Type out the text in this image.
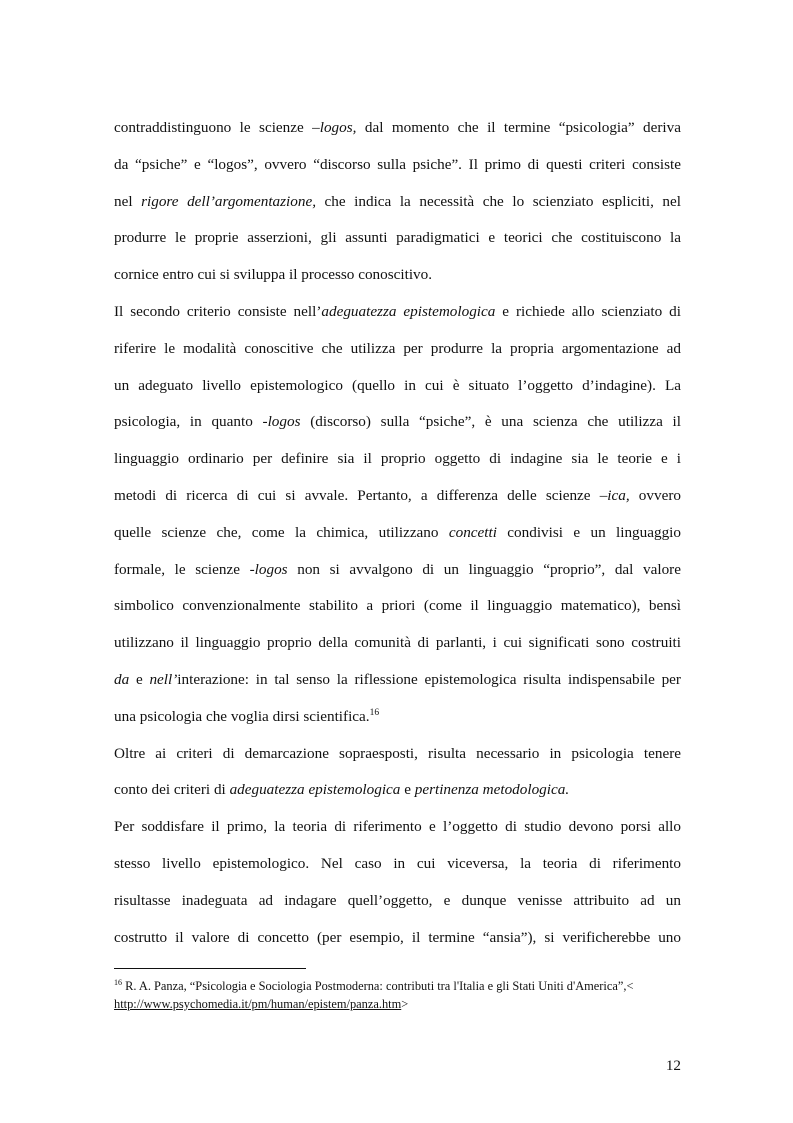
contraddistinguono le scienze –logos, dal momento che il termine “psicologia” deriva
da “psiche” e “logos”, ovvero “discorso sulla psiche”. Il primo di questi criteri consiste
nel rigore dell’argomentazione, che indica la necessità che lo scienziato espliciti, nel
produrre le proprie asserzioni, gli assunti paradigmatici e teorici che costituiscono la
cornice entro cui si sviluppa il processo conoscitivo.
Il secondo criterio consiste nell’adeguatezza epistemologica e richiede allo scienziato di
riferire le modalità conoscitive che utilizza per produrre la propria argomentazione ad
un adeguato livello epistemologico (quello in cui è situato l’oggetto d’indagine). La
psicologia, in quanto -logos (discorso) sulla “psiche”, è una scienza che utilizza il
linguaggio ordinario per definire sia il proprio oggetto di indagine sia le teorie e i
metodi di ricerca di cui si avvale. Pertanto, a differenza delle scienze –ica, ovvero
quelle scienze che, come la chimica, utilizzano concetti condivisi e un linguaggio
formale, le scienze -logos non si avvalgono di un linguaggio “proprio”, dal valore
simbolico convenzionalmente stabilito a priori (come il linguaggio matematico), bensì
utilizzano il linguaggio proprio della comunità di parlanti, i cui significati sono costruiti
da e nell’interazione: in tal senso la riflessione epistemologica risulta indispensabile per
una psicologia che voglia dirsi scientifica.$^{16}$
Oltre ai criteri di demarcazione sopraesposti, risulta necessario in psicologia tenere
conto dei criteri di adeguatezza epistemologica e pertinenza metodologica.
Per soddisfare il primo, la teoria di riferimento e l’oggetto di studio devono porsi allo
stesso livello epistemologico. Nel caso in cui viceversa, la teoria di riferimento
risultasse inadeguata ad indagare quell’oggetto, e dunque venisse attribuito ad un
costrutto il valore di concetto (per esempio, il termine “ansia”), si verificherebbe uno
$^{16}$ R. A. Panza, “Psicologia e Sociologia Postmoderna: contributi tra l'Italia e gli Stati Uniti d'America”,<
http://www.psychomedia.it/pm/human/epistem/panza.htm>
12
